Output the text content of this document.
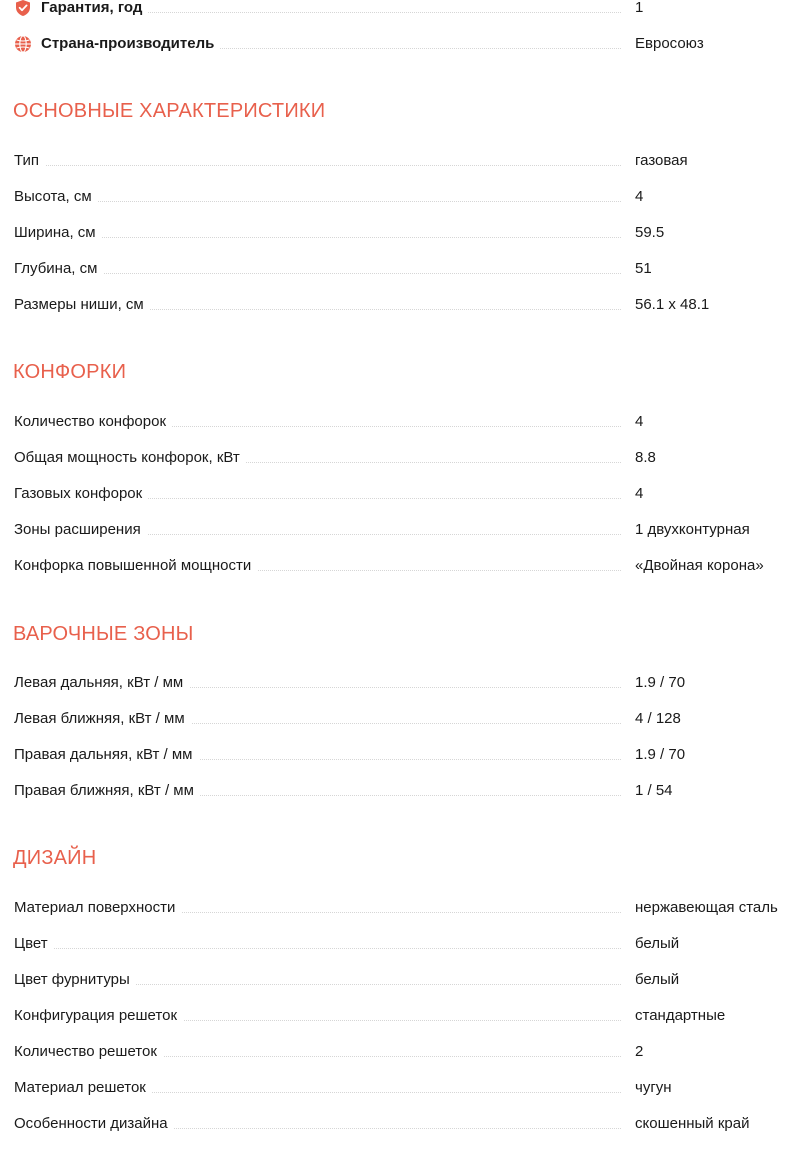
Гарантия, год	1
Страна-производитель	Евросоюз
ОСНОВНЫЕ ХАРАКТЕРИСТИКИ
Тип	газовая
Высота, см	4
Ширина, см	59.5
Глубина, см	51
Размеры ниши, см	56.1 x 48.1
КОНФОРКИ
Количество конфорок	4
Общая мощность конфорок, кВт	8.8
Газовых конфорок	4
Зоны расширения	1 двухконтурная
Конфорка повышенной мощности	«Двойная корона»
ВАРОЧНЫЕ ЗОНЫ
Левая дальняя, кВт / мм	1.9 / 70
Левая ближняя, кВт / мм	4 / 128
Правая дальняя, кВт / мм	1.9 / 70
Правая ближняя, кВт / мм	1 / 54
ДИЗАЙН
Материал поверхности	нержавеющая сталь
Цвет	белый
Цвет фурнитуры	белый
Конфигурация решеток	стандартные
Количество решеток	2
Материал решеток	чугун
Особенности дизайна	скошенный край
